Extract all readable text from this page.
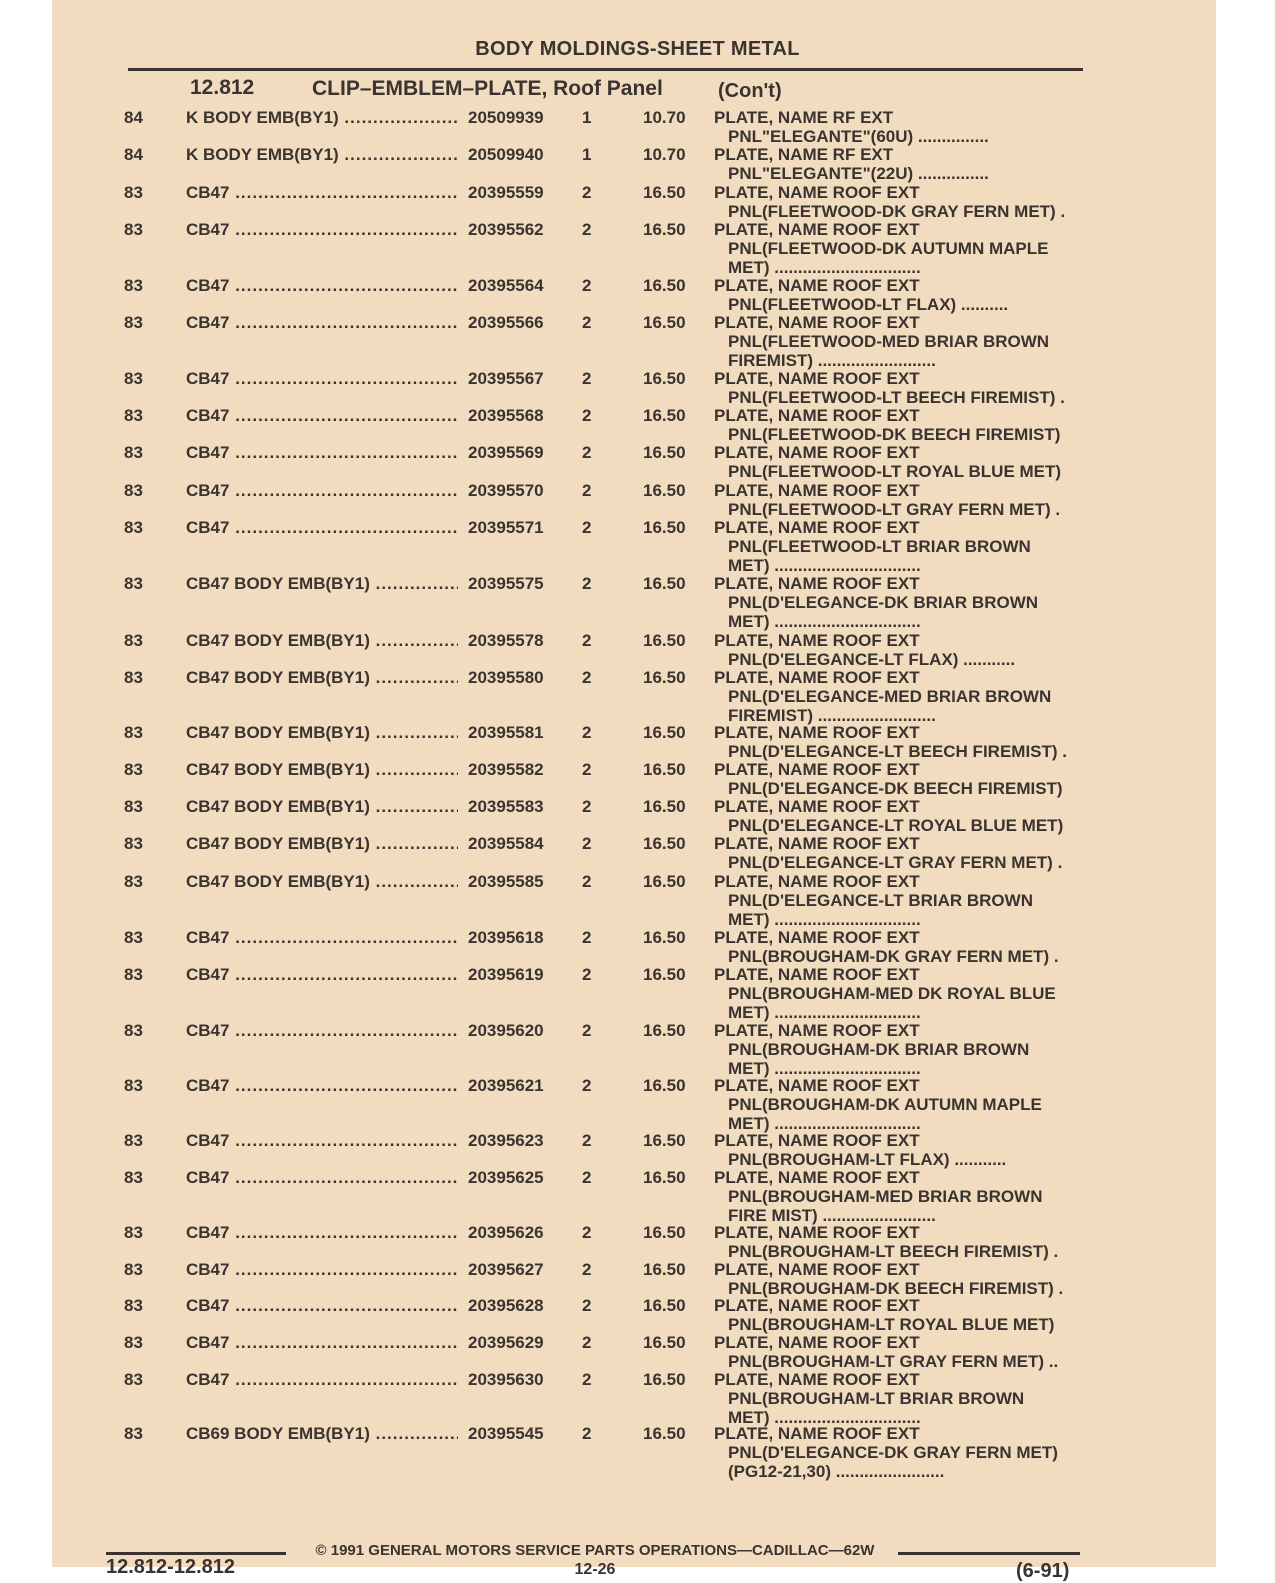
BODY MOLDINGS-SHEET METAL
12.812	CLIP–EMBLEM–PLATE, Roof Panel	(Con't)
84	K BODY EMB(BY1) .....	20509939 1	10.70 PLATE, NAME RF EXT
PNL"ELEGANTE"(60U) ...............
84	K BODY EMB(BY1) .....	20509940 1	10.70 PLATE, NAME RF EXT
PNL"ELEGANTE"(22U) ...............
83	CB47 .....	20395559 2	16.50 PLATE, NAME ROOF EXT
PNL(FLEETWOOD-DK GRAY FERN MET) .
83	CB47 .....	20395562 2	16.50 PLATE, NAME ROOF EXT
PNL(FLEETWOOD-DK AUTUMN MAPLE
MET) ...............................
83	CB47 .....	20395564 2	16.50 PLATE, NAME ROOF EXT
PNL(FLEETWOOD-LT FLAX) ..........
83	CB47 .....	20395566 2	16.50 PLATE, NAME ROOF EXT
PNL(FLEETWOOD-MED BRIAR BROWN
FIREMIST) .........................
83	CB47 .....	20395567 2	16.50 PLATE, NAME ROOF EXT
PNL(FLEETWOOD-LT BEECH FIREMIST) .
83	CB47 .....	20395568 2	16.50 PLATE, NAME ROOF EXT
PNL(FLEETWOOD-DK BEECH FIREMIST)
83	CB47 .....	20395569 2	16.50 PLATE, NAME ROOF EXT
PNL(FLEETWOOD-LT ROYAL BLUE MET)
83	CB47 .....	20395570 2	16.50 PLATE, NAME ROOF EXT
PNL(FLEETWOOD-LT GRAY FERN MET) .
83	CB47 .....	20395571 2	16.50 PLATE, NAME ROOF EXT
PNL(FLEETWOOD-LT BRIAR BROWN
MET) ...............................
83	CB47 BODY EMB(BY1) .....	20395575 2	16.50 PLATE, NAME ROOF EXT
PNL(D'ELEGANCE-DK BRIAR BROWN
MET) ...............................
83	CB47 BODY EMB(BY1) .....	20395578 2	16.50 PLATE, NAME ROOF EXT
PNL(D'ELEGANCE-LT FLAX) ...........
83	CB47 BODY EMB(BY1) .....	20395580 2	16.50 PLATE, NAME ROOF EXT
PNL(D'ELEGANCE-MED BRIAR BROWN
FIREMIST) .........................
83	CB47 BODY EMB(BY1) .....	20395581 2	16.50 PLATE, NAME ROOF EXT
PNL(D'ELEGANCE-LT BEECH FIREMIST) .
83	CB47 BODY EMB(BY1) .....	20395582 2	16.50 PLATE, NAME ROOF EXT
PNL(D'ELEGANCE-DK BEECH FIREMIST)
83	CB47 BODY EMB(BY1) .....	20395583 2	16.50 PLATE, NAME ROOF EXT
PNL(D'ELEGANCE-LT ROYAL BLUE MET)
83	CB47 BODY EMB(BY1) .....	20395584 2	16.50 PLATE, NAME ROOF EXT
PNL(D'ELEGANCE-LT GRAY FERN MET) .
83	CB47 BODY EMB(BY1) .....	20395585 2	16.50 PLATE, NAME ROOF EXT
PNL(D'ELEGANCE-LT BRIAR BROWN
MET) ...............................
83	CB47 .....	20395618 2	16.50 PLATE, NAME ROOF EXT
PNL(BROUGHAM-DK GRAY FERN MET) .
83	CB47 .....	20395619 2	16.50 PLATE, NAME ROOF EXT
PNL(BROUGHAM-MED DK ROYAL BLUE
MET) ...............................
83	CB47 .....	20395620 2	16.50 PLATE, NAME ROOF EXT
PNL(BROUGHAM-DK BRIAR BROWN
MET) ...............................
83	CB47 .....	20395621 2	16.50 PLATE, NAME ROOF EXT
PNL(BROUGHAM-DK AUTUMN MAPLE
MET) ...............................
83	CB47 .....	20395623 2	16.50 PLATE, NAME ROOF EXT
PNL(BROUGHAM-LT FLAX) ...........
83	CB47 .....	20395625 2	16.50 PLATE, NAME ROOF EXT
PNL(BROUGHAM-MED BRIAR BROWN
FIRE MIST) ........................
83	CB47 .....	20395626 2	16.50 PLATE, NAME ROOF EXT
PNL(BROUGHAM-LT BEECH FIREMIST) .
83	CB47 .....	20395627 2	16.50 PLATE, NAME ROOF EXT
PNL(BROUGHAM-DK BEECH FIREMIST) .
83	CB47 .....	20395628 2	16.50 PLATE, NAME ROOF EXT
PNL(BROUGHAM-LT ROYAL BLUE MET)
83	CB47 .....	20395629 2	16.50 PLATE, NAME ROOF EXT
PNL(BROUGHAM-LT GRAY FERN MET) ..
83	CB47 .....	20395630 2	16.50 PLATE, NAME ROOF EXT
PNL(BROUGHAM-LT BRIAR BROWN
MET) ...............................
83	CB69 BODY EMB(BY1) .....	20395545 2	16.50 PLATE, NAME ROOF EXT
PNL(D'ELEGANCE-DK GRAY FERN MET)
(PG12-21,30) .......................
© 1991 GENERAL MOTORS SERVICE PARTS OPERATIONS—CADILLAC—62W
12.812-12.812	12-26	(6-91)
